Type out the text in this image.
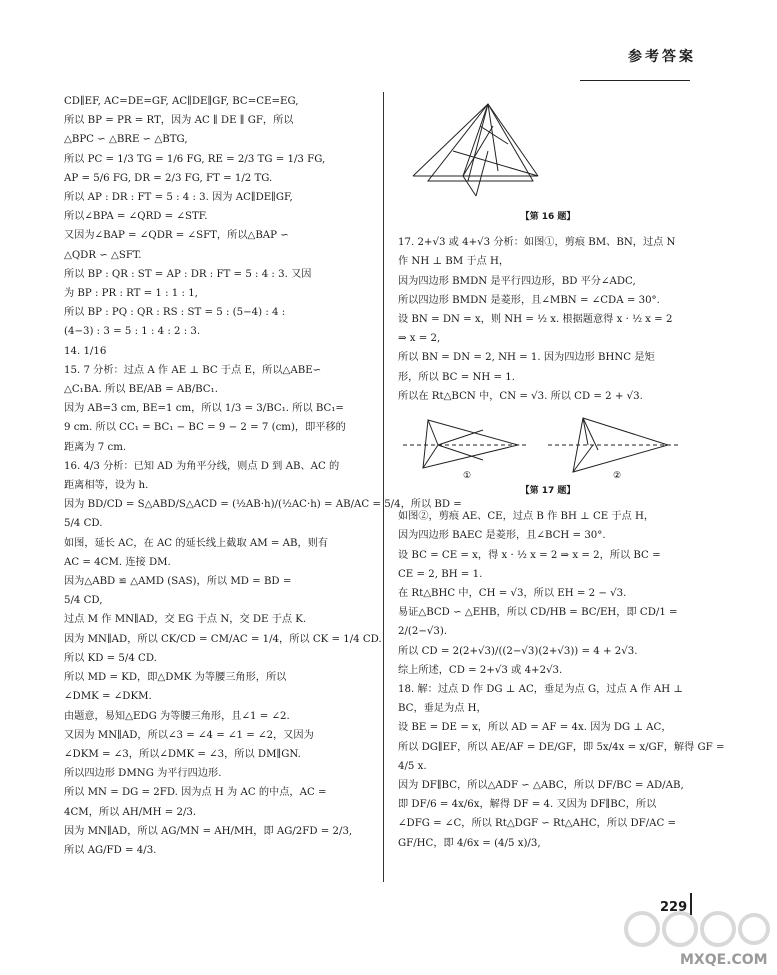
参考答案
CD∥EF, AC=DE=GF, AC∥DE∥GF, BC=CE=EG,
所以 BP = PR = RT，因为 AC ∥ DE ∥ GF，所以
△BPC ∽ △BRE ∽ △BTG,
所以 PC = 1/3 TG = 1/6 FG, RE = 2/3 TG = 1/3 FG,
AP = 5/6 FG, DR = 2/3 FG, FT = 1/2 TG.
所以 AP : DR : FT = 5 : 4 : 3. 因为 AC∥DE∥GF,
所以∠BPA = ∠QRD = ∠STF.
又因为∠BAP = ∠QDR = ∠SFT，所以△BAP ∽
△QDR ∽ △SFT.
所以 BP : QR : ST = AP : DR : FT = 5 : 4 : 3. 又因
为 BP : PR : RT = 1 : 1 : 1,
所以 BP : PQ : QR : RS : ST = 5 : (5−4) : 4 :
(4−3) : 3 = 5 : 1 : 4 : 2 : 3.
14. 1/16
15. 7 分析：过点 A 作 AE ⊥ BC 于点 E，所以△ABE∽
△C₁BA. 所以 BE/AB = AB/BC₁.
因为 AB=3 cm, BE=1 cm，所以 1/3 = 3/BC₁. 所以 BC₁=
9 cm. 所以 CC₁ = BC₁ − BC = 9 − 2 = 7 (cm)，即平移的
距离为 7 cm.
16. 4/3 分析：已知 AD 为角平分线，则点 D 到 AB、AC 的
距离相等，设为 h.
因为 BD/CD = S△ABD/S△ACD = (½AB·h)/(½AC·h) = AB/AC = 5/4，所以 BD =
5/4 CD.
如图，延长 AC，在 AC 的延长线上截取 AM = AB，则有
AC = 4CM. 连接 DM.
因为△ABD ≌ △AMD (SAS)，所以 MD = BD =
5/4 CD,
过点 M 作 MN∥AD，交 EG 于点 N，交 DE 于点 K.
因为 MN∥AD，所以 CK/CD = CM/AC = 1/4，所以 CK = 1/4 CD.
所以 KD = 5/4 CD.
所以 MD = KD，即△DMK 为等腰三角形，所以
∠DMK = ∠DKM.
由题意，易知△EDG 为等腰三角形，且∠1 = ∠2.
又因为 MN∥AD，所以∠3 = ∠4 = ∠1 = ∠2，又因为
∠DKM = ∠3，所以∠DMK = ∠3，所以 DM∥GN.
所以四边形 DMNG 为平行四边形.
所以 MN = DG = 2FD. 因为点 H 为 AC 的中点，AC =
4CM，所以 AH/MH = 2/3.
因为 MN∥AD，所以 AG/MN = AH/MH，即 AG/2FD = 2/3,
所以 AG/FD = 4/3.
【第 16 题】
17. 2+√3 或 4+√3 分析：如图①，剪痕 BM、BN，过点 N
作 NH ⊥ BM 于点 H，
因为四边形 BMDN 是平行四边形，BD 平分∠ADC,
所以四边形 BMDN 是菱形，且∠MBN = ∠CDA = 30°.
设 BN = DN = x，则 NH = ½ x. 根据题意得 x · ½ x = 2
⇒ x = 2,
所以 BN = DN = 2, NH = 1. 因为四边形 BHNC 是矩
形，所以 BC = NH = 1.
所以在 Rt△BCN 中，CN = √3. 所以 CD = 2 + √3.
①	②
【第 17 题】
如图②，剪痕 AE、CE，过点 B 作 BH ⊥ CE 于点 H，
因为四边形 BAEC 是菱形，且∠BCH = 30°.
设 BC = CE = x，得 x · ½ x = 2 ⇒ x = 2，所以 BC =
CE = 2, BH = 1.
在 Rt△BHC 中，CH = √3，所以 EH = 2 − √3.
易证△BCD ∽ △EHB，所以 CD/HB = BC/EH，即 CD/1 =
2/(2−√3).
所以 CD = 2(2+√3)/((2−√3)(2+√3)) = 4 + 2√3.
综上所述，CD = 2+√3 或 4+2√3.
18. 解：过点 D 作 DG ⊥ AC，垂足为点 G，过点 A 作 AH ⊥
BC，垂足为点 H，
设 BE = DE = x，所以 AD = AF = 4x. 因为 DG ⊥ AC，
所以 DG∥EF，所以 AE/AF = DE/GF，即 5x/4x = x/GF，解得 GF =
4/5 x.
因为 DF∥BC，所以△ADF ∽ △ABC，所以 DF/BC = AD/AB,
即 DF/6 = 4x/6x，解得 DF = 4. 又因为 DF∥BC，所以
∠DFG = ∠C，所以 Rt△DGF ∽ Rt△AHC，所以 DF/AC =
GF/HC，即 4/6x = (4/5 x)/3,
229
MXQE.COM
